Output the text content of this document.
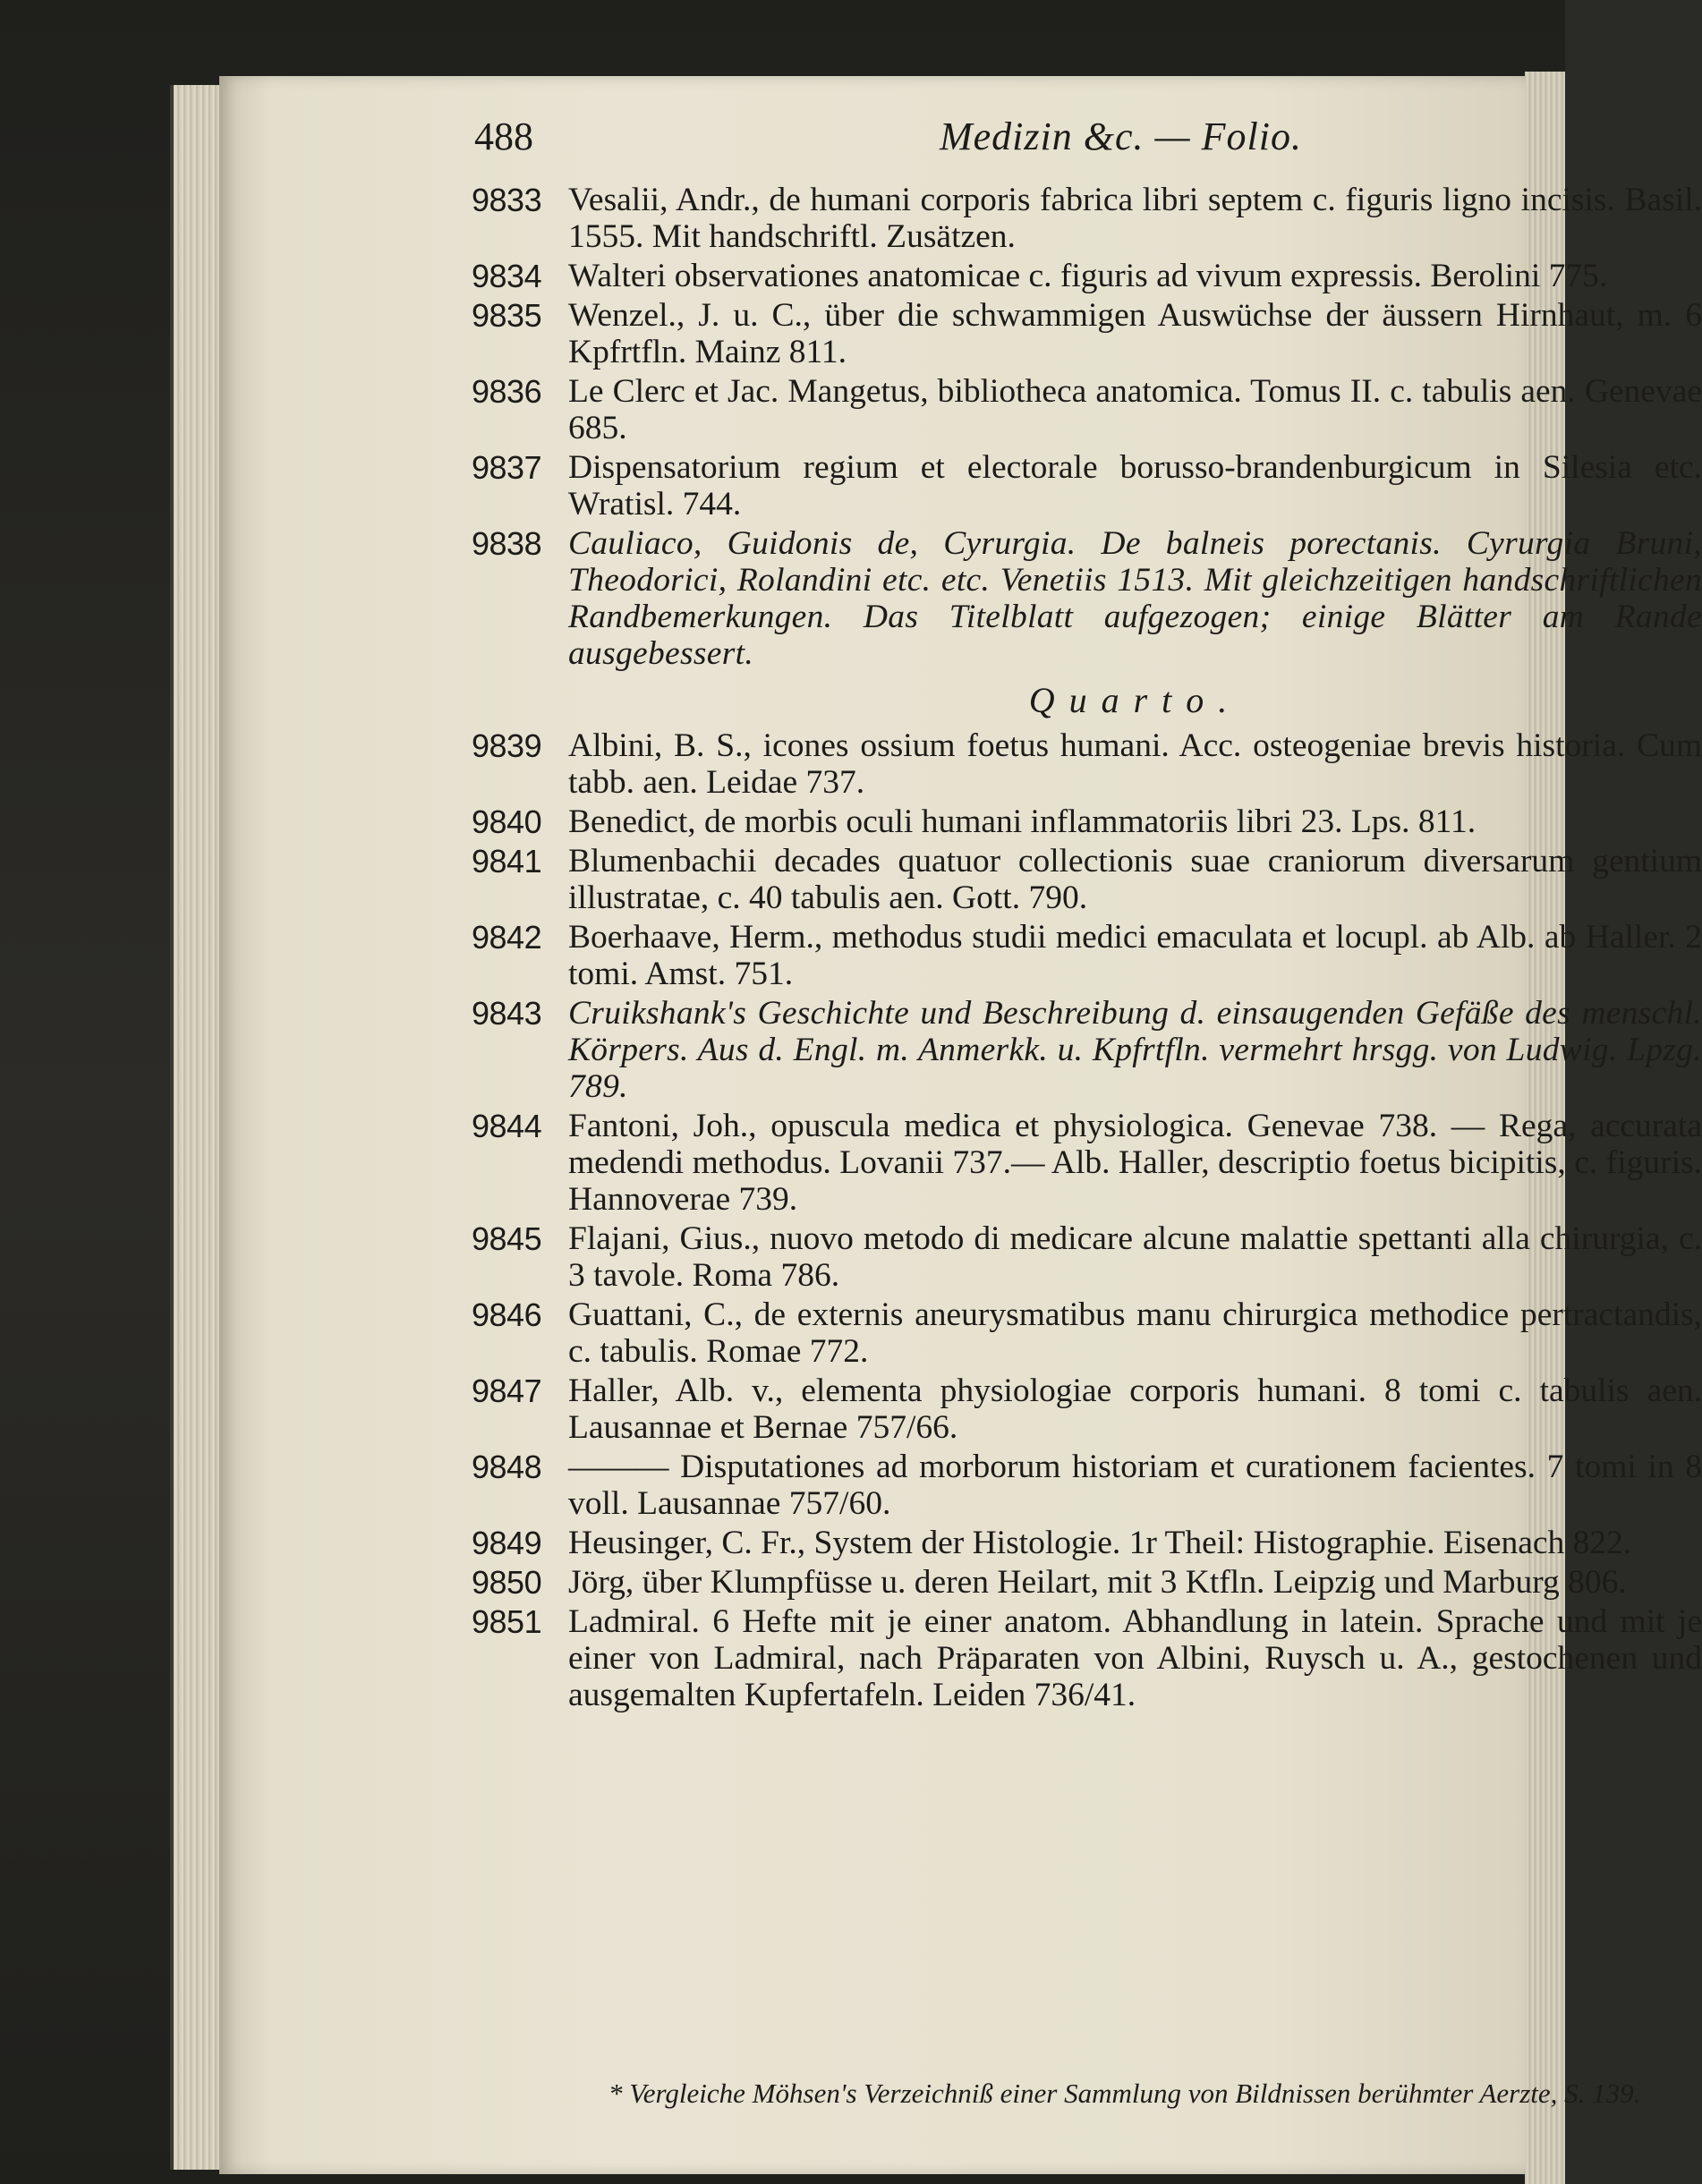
488	Medizin &c. — Folio.
9833 Vesalii, Andr., de humani corporis fabrica libri septem c. figuris ligno incisis. Basil. 1555. Mit handschriftl. Zusätzen.
9834 Walteri observationes anatomicae c. figuris ad vivum expressis. Berolini 775.
9835 Wenzel., J. u. C., über die schwammigen Auswüchse der äussern Hirnhaut, m. 6 Kpfrtfln. Mainz 811.
9836 Le Clerc et Jac. Mangetus, bibliotheca anatomica. Tomus II. c. tabulis aen. Genevae 685.
9837 Dispensatorium regium et electorale borusso-brandenburgicum in Silesia etc. Wratisl. 744.
9838 Cauliaco, Guidonis de, Cyrurgia. De balneis porectanis. Cyrurgia Bruni, Theodorici, Rolandini etc. etc. Venetiis 1513. Mit gleichzeitigen handschriftlichen Randbemerkungen. Das Titelblatt aufgezogen; einige Blätter am Rande ausgebessert.
Quarto.
9839 Albini, B. S., icones ossium foetus humani. Acc. osteogeniae brevis historia. Cum tabb. aen. Leidae 737.
9840 Benedict, de morbis oculi humani inflammatoriis libri 23. Lps. 811.
9841 Blumenbachii decades quatuor collectionis suae craniorum diversarum gentium illustratae, c. 40 tabulis aen. Gott. 790.
9842 Boerhaave, Herm., methodus studii medici emaculata et locupl. ab Alb. ab Haller. 2 tomi. Amst. 751.
9843 Cruikshank's Geschichte und Beschreibung d. einsaugenden Gefäße des menschl. Körpers. Aus d. Engl. m. Anmerkk. u. Kpfrtfln. vermehrt hrsgg. von Ludwig. Lpzg. 789.
9844 Fantoni, Joh., opuscula medica et physiologica. Genevae 738. — Rega, accurata medendi methodus. Lovanii 737.— Alb. Haller, descriptio foetus bicipitis, c. figuris. Hannoverae 739.
9845 Flajani, Gius., nuovo metodo di medicare alcune malattie spettanti alla chirurgia, c. 3 tavole. Roma 786.
9846 Guattani, C., de externis aneurysmatibus manu chirurgica methodice pertractandis, c. tabulis. Romae 772.
9847 Haller, Alb. v., elementa physiologiae corporis humani. 8 tomi c. tabulis aen. Lausannae et Bernae 757/66.
9848 ——— Disputationes ad morborum historiam et curationem facientes. 7 tomi in 8 voll. Lausannae 757/60.
9849 Heusinger, C. Fr., System der Histologie. 1r Theil: Histographie. Eisenach 822.
9850 Jörg, über Klumpfüsse u. deren Heilart, mit 3 Ktfln. Leipzig und Marburg 806.
9851 Ladmiral. 6 Hefte mit je einer anatom. Abhandlung in latein. Sprache und mit je einer von Ladmiral, nach Präparaten von Albini, Ruysch u. A., gestochenen und ausgemalten Kupfertafeln. Leiden 736/41.
* Vergleiche Möhsen's Verzeichniß einer Sammlung von Bildnissen berühmter Aerzte, S. 139.
